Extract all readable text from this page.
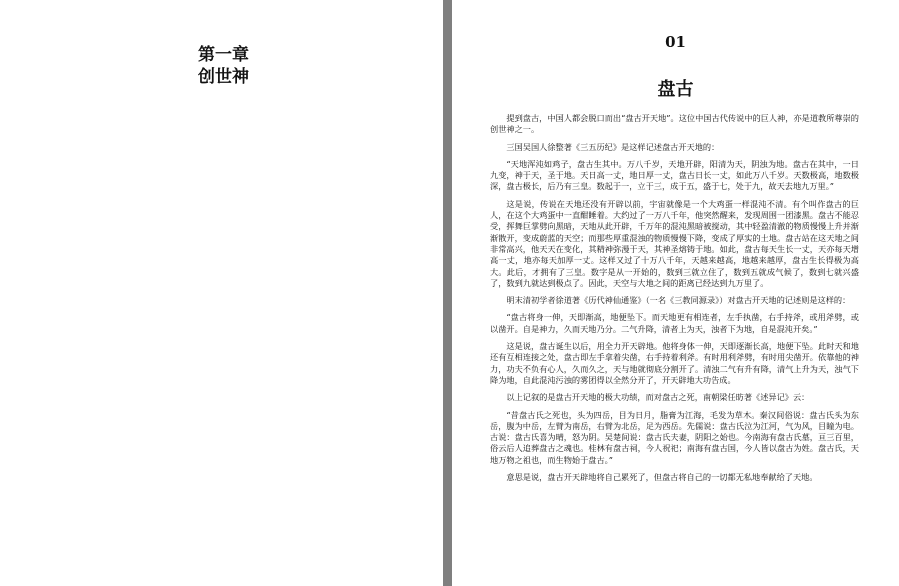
第一章
创世神
01
盘古

提到盘古，中国人都会脱口而出“盘古开天地”。这位中国古代传说中的巨人神，亦是道教所尊崇的创世神之一。

三国吴国人徐整著《三五历纪》是这样记述盘古开天地的：

“天地浑沌如鸡子，盘古生其中。万八千岁，天地开辟，阳清为天，阴浊为地。盘古在其中，一日九变，神于天，圣于地。天日高一丈，地日厚一丈，盘古日长一丈，如此万八千岁。天数极高，地数极深，盘古极长，后乃有三皇。数起于一，立于三，成于五，盛于七，处于九，故天去地九万里。”

这是说，传说在天地还没有开辟以前，宇宙就像是一个大鸡蛋一样混沌不清。有个叫作盘古的巨人，在这个大鸡蛋中一直酣睡着。大约过了一万八千年，他突然醒来，发现周围一团漆黑。盘古不能忍受，挥舞巨掌劈向黑暗，天地从此开辟，千万年的混沌黑暗被搅动，其中轻盈清澈的物质慢慢上升并渐渐散开，变成蔚蓝的天空；而那些厚重混浊的物质慢慢下降，变成了厚实的土地。盘古站在这天地之间非常高兴，他天天在变化，其精神弥漫于天，其神圣熔铸于地。如此，盘古每天生长一丈，天亦每天增高一丈，地亦每天加厚一丈。这样又过了十万八千年，天越来越高，地越来越厚，盘古生长得极为高大。此后，才拥有了三皇。数字是从一开始的，数到三就立住了，数到五就成气候了，数到七就兴盛了，数到九就达到极点了。因此，天空与大地之间的距离已经达到九万里了。

明末清初学者徐道著《历代神仙通鉴》（一名《三教同源录》）对盘古开天地的记述则是这样的：

“盘古将身一伸，天即渐高，地便坠下。而天地更有相连者，左手执凿，右手持斧，或用斧劈，或以凿开。自是神力，久而天地乃分。二气升降，清者上为天，浊者下为地，自是混沌开矣。”

这是说，盘古诞生以后，用全力开天辟地。他将身体一伸，天即逐渐长高，地便下坠。此时天和地还有互相连接之处，盘古即左手拿着尖凿，右手持着利斧。有时用利斧劈，有时用尖凿开。依靠他的神力，功夫不负有心人，久而久之，天与地就彻底分割开了。清浊二气有升有降，清气上升为天，浊气下降为地，自此混沌污浊的雾团得以全然分开了，开天辟地大功告成。

以上记叙的是盘古开天地的极大功绩，而对盘古之死，南朝梁任昉著《述异记》云：

“昔盘古氏之死也，头为四岳，目为日月，脂膏为江海，毛发为草木。秦汉间俗说：盘古氏头为东岳，腹为中岳，左臂为南岳，右臂为北岳，足为西岳。先儒说：盘古氏泣为江河，气为风，目瞳为电。古说：盘古氏喜为晴，怒为阴。吴楚间说：盘古氏夫妻，阴阳之始也。今南海有盘古氏墓，亘三百里，俗云后人追葬盘古之魂也。桂林有盘古祠，今人祝祀；南海有盘古国，今人皆以盘古为姓。盘古氏，天地万物之祖也，而生物始于盘古。”

意思是说，盘古开天辟地将自己累死了，但盘古将自己的一切都无私地奉献给了天地。
